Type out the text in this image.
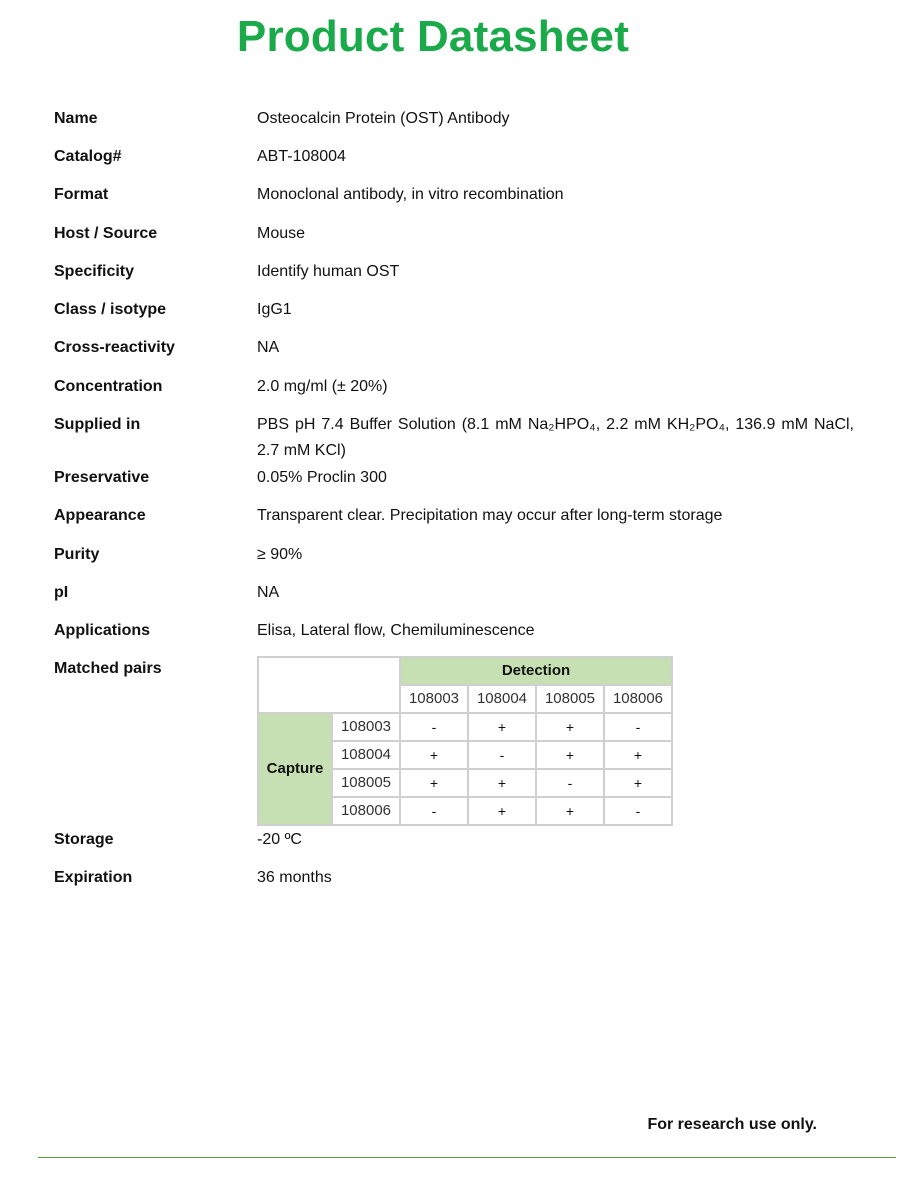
Product Datasheet
Name	Osteocalcin Protein (OST) Antibody
Catalog#	ABT-108004
Format	Monoclonal antibody, in vitro recombination
Host / Source	Mouse
Specificity	Identify human OST
Class / isotype	IgG1
Cross-reactivity	NA
Concentration	2.0 mg/ml (± 20%)
Supplied in	PBS pH 7.4 Buffer Solution (8.1 mM Na₂HPO₄, 2.2 mM KH₂PO₄, 136.9 mM NaCl, 2.7 mM KCl)
Preservative	0.05% Proclin 300
Appearance	Transparent clear. Precipitation may occur after long-term storage
Purity	≥ 90%
pI	NA
Applications	Elisa, Lateral flow, Chemiluminescence
Matched pairs
		Detection			
		108003	108004	108005	108006
Capture	108003	-	+	+	-
	108004	+	-	+	+
	108005	+	+	-	+
	108006	-	+	+	-
Storage	-20 ºC
Expiration	36 months
For research use only.
